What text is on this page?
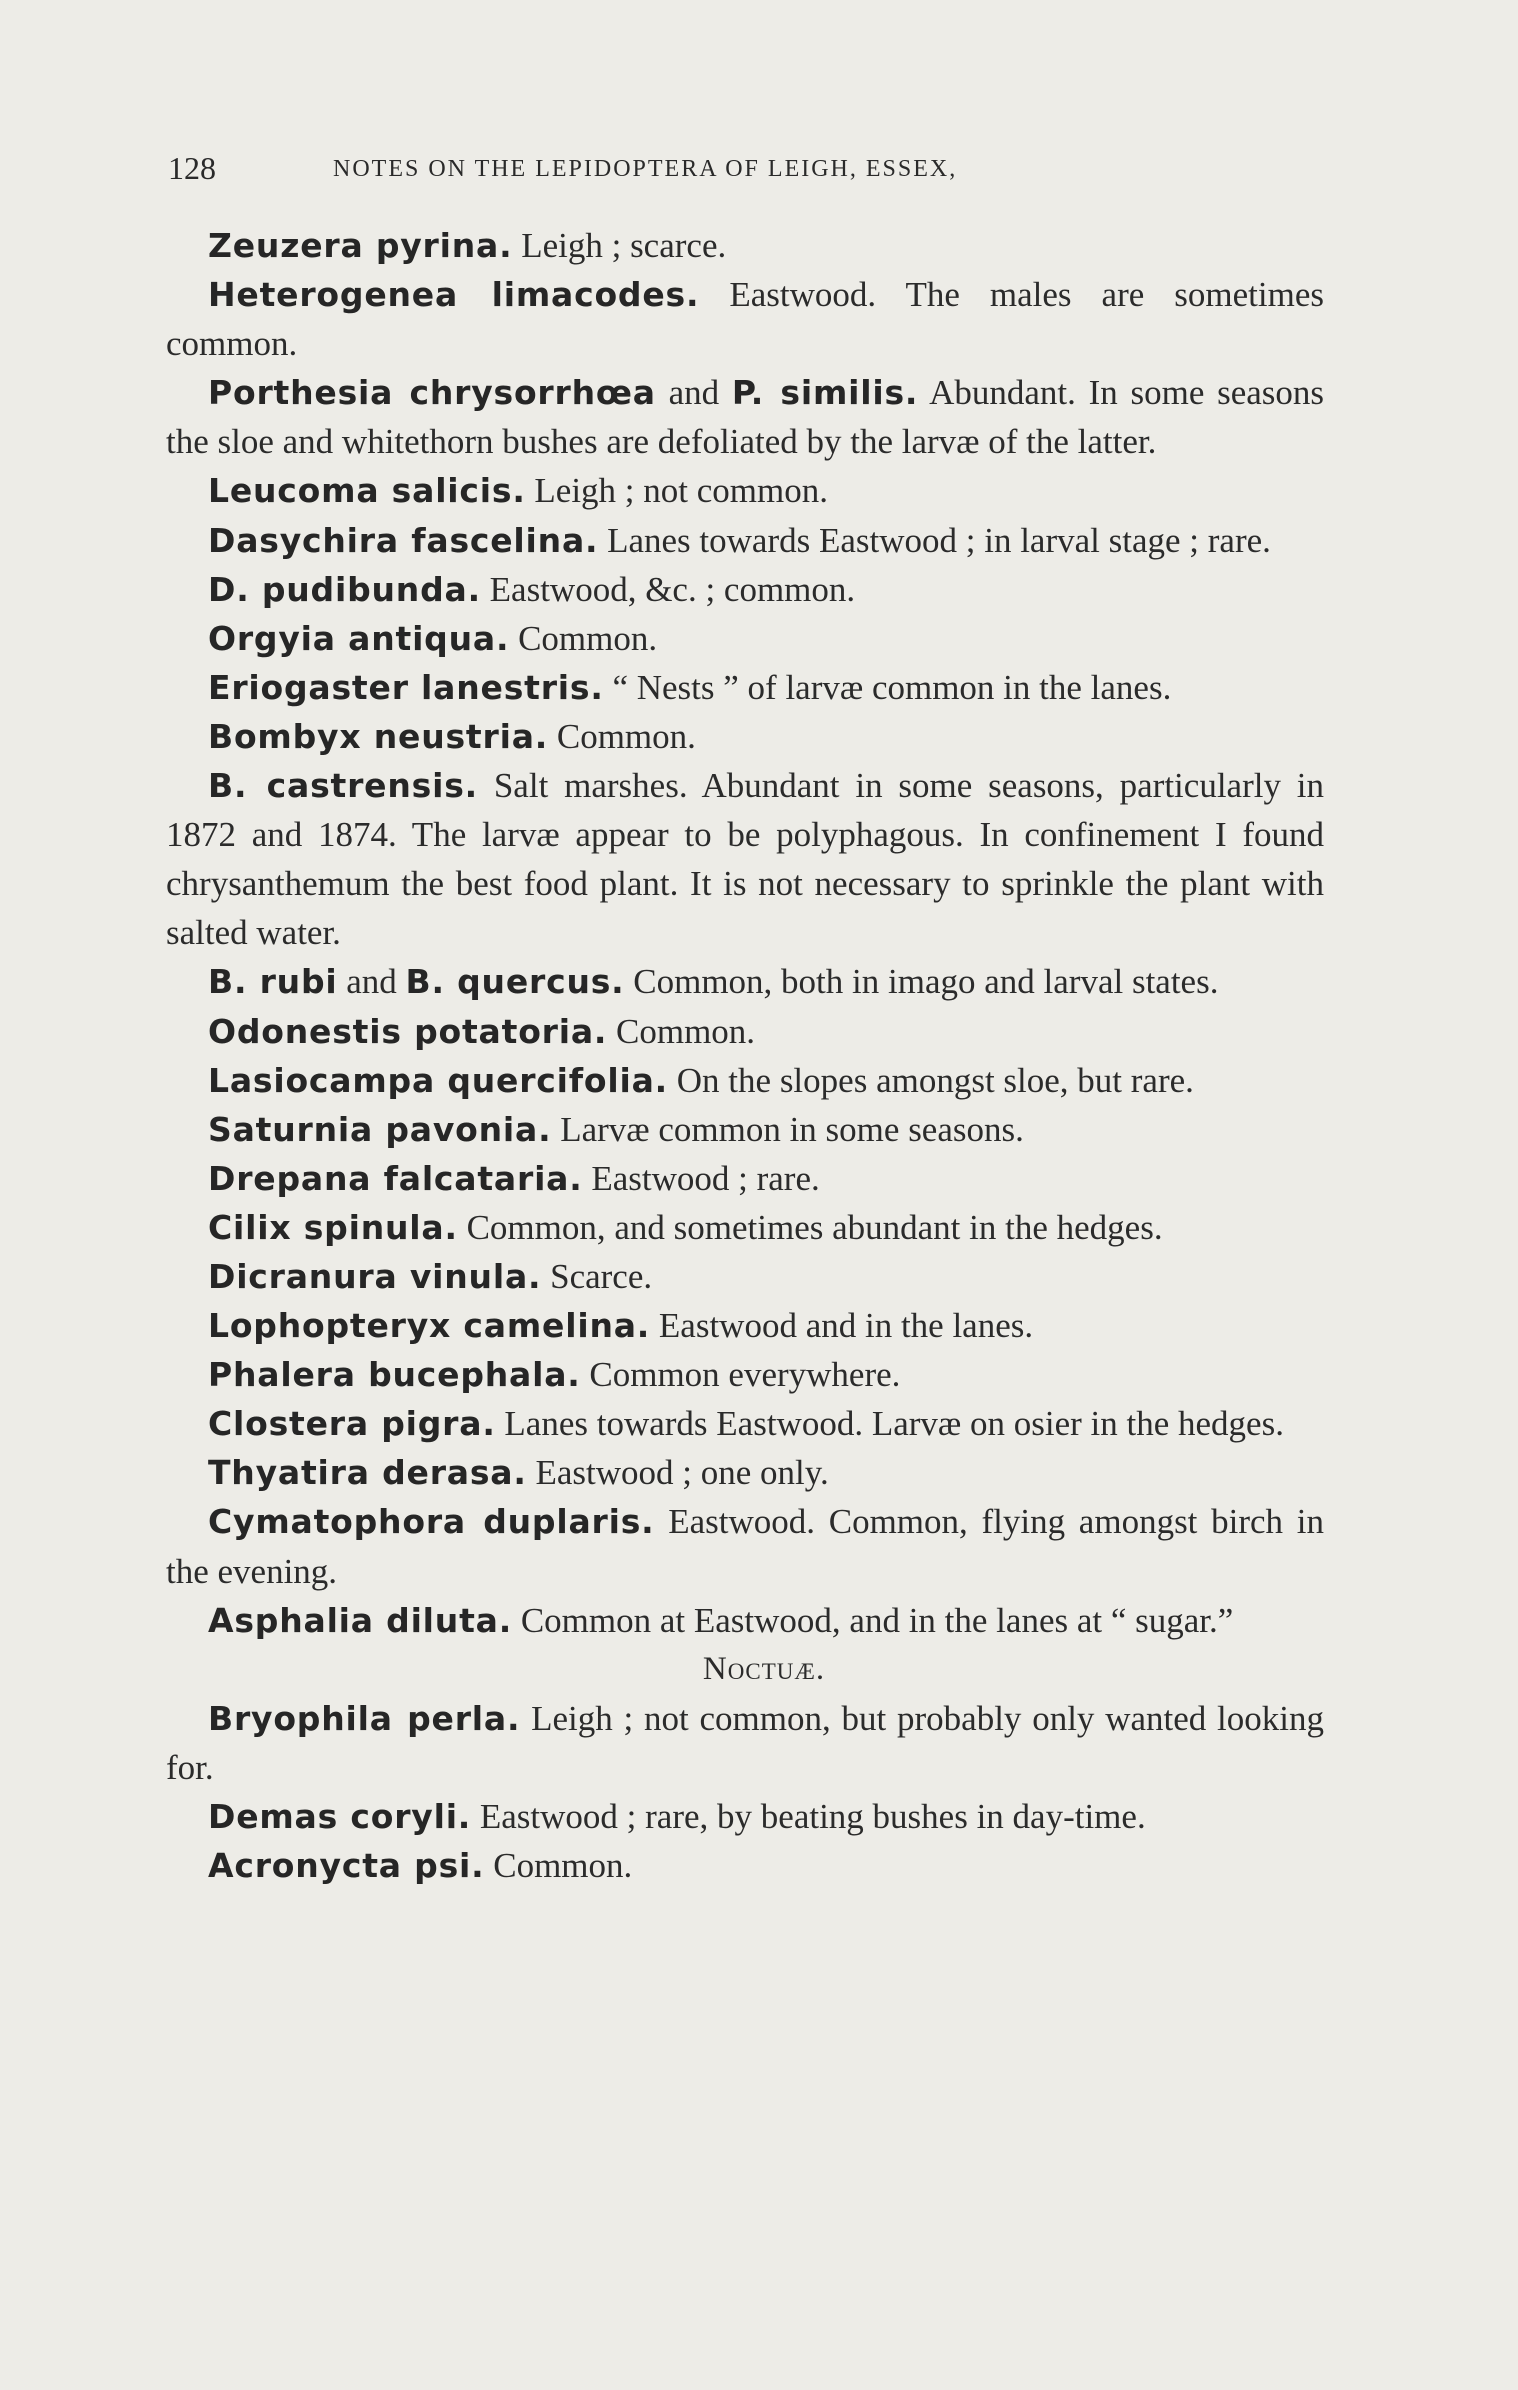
128	NOTES ON THE LEPIDOPTERA OF LEIGH, ESSEX,

Zeuzera pyrina. Leigh ; scarce.

Heterogenea limacodes. Eastwood. The males are sometimes common.

Porthesia chrysorrhœa and P. similis. Abundant. In some seasons the sloe and whitethorn bushes are defoliated by the larvæ of the latter.

Leucoma salicis. Leigh ; not common.

Dasychira fascelina. Lanes towards Eastwood ; in larval stage ; rare.

D. pudibunda. Eastwood, &c. ; common.

Orgyia antiqua. Common.

Eriogaster lanestris. “ Nests ” of larvæ common in the lanes.

Bombyx neustria. Common.

B. castrensis. Salt marshes. Abundant in some seasons, particularly in 1872 and 1874. The larvæ appear to be polyphagous. In confinement I found chrysanthemum the best food plant. It is not necessary to sprinkle the plant with salted water.

B. rubi and B. quercus. Common, both in imago and larval states.

Odonestis potatoria. Common.

Lasiocampa quercifolia. On the slopes amongst sloe, but rare.

Saturnia pavonia. Larvæ common in some seasons.

Drepana falcataria. Eastwood ; rare.

Cilix spinula. Common, and sometimes abundant in the hedges.

Dicranura vinula. Scarce.

Lophopteryx camelina. Eastwood and in the lanes.

Phalera bucephala. Common everywhere.

Clostera pigra. Lanes towards Eastwood. Larvæ on osier in the hedges.

Thyatira derasa. Eastwood ; one only.

Cymatophora duplaris. Eastwood. Common, flying amongst birch in the evening.

Asphalia diluta. Common at Eastwood, and in the lanes at “ sugar.”

Noctuæ.

Bryophila perla. Leigh ; not common, but probably only wanted looking for.

Demas coryli. Eastwood ; rare, by beating bushes in day-time.

Acronycta psi. Common.
